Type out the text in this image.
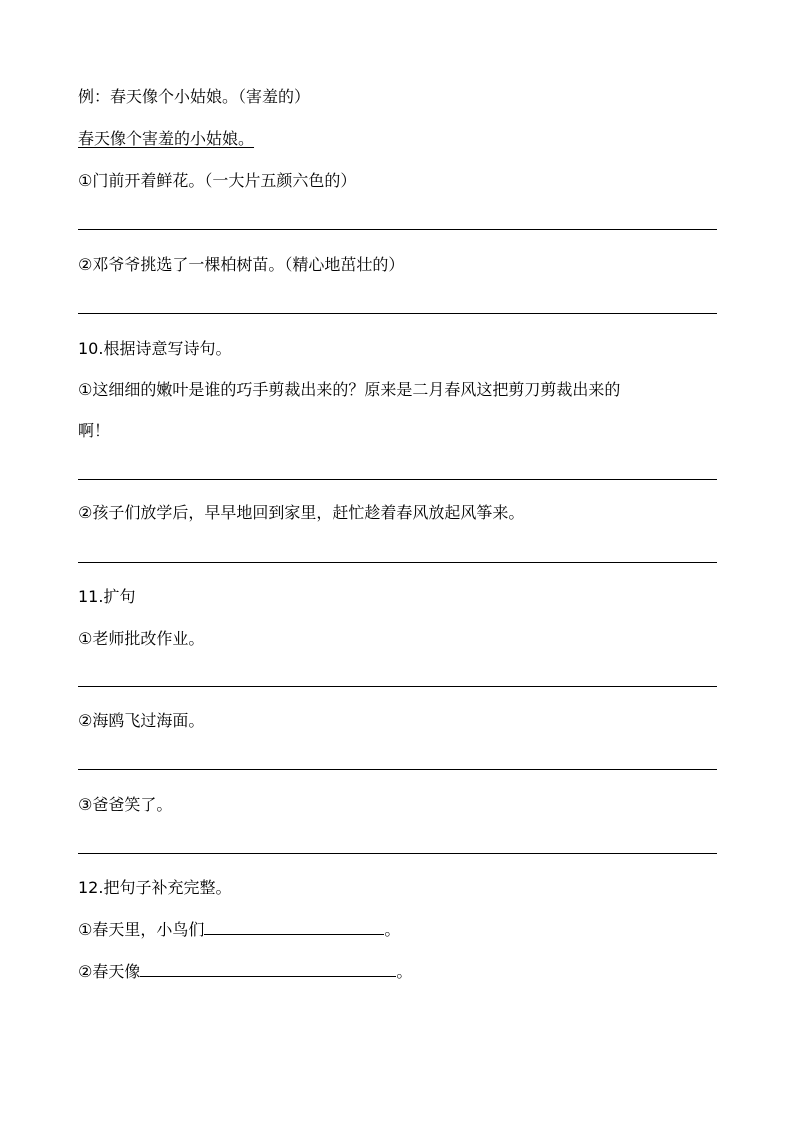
例：春天像个小姑娘。（害羞的）
春天像个害羞的小姑娘。
①门前开着鲜花。（一大片五颜六色的）
②邓爷爷挑选了一棵柏树苗。（精心地茁壮的）
10.根据诗意写诗句。
①这细细的嫩叶是谁的巧手剪裁出来的？原来是二月春风这把剪刀剪裁出来的
啊！
②孩子们放学后，早早地回到家里，赶忙趁着春风放起风筝来。
11.扩句
①老师批改作业。
②海鸥飞过海面。
③爸爸笑了。
12.把句子补充完整。
①春天里，小鸟们	。
②春天像	。
